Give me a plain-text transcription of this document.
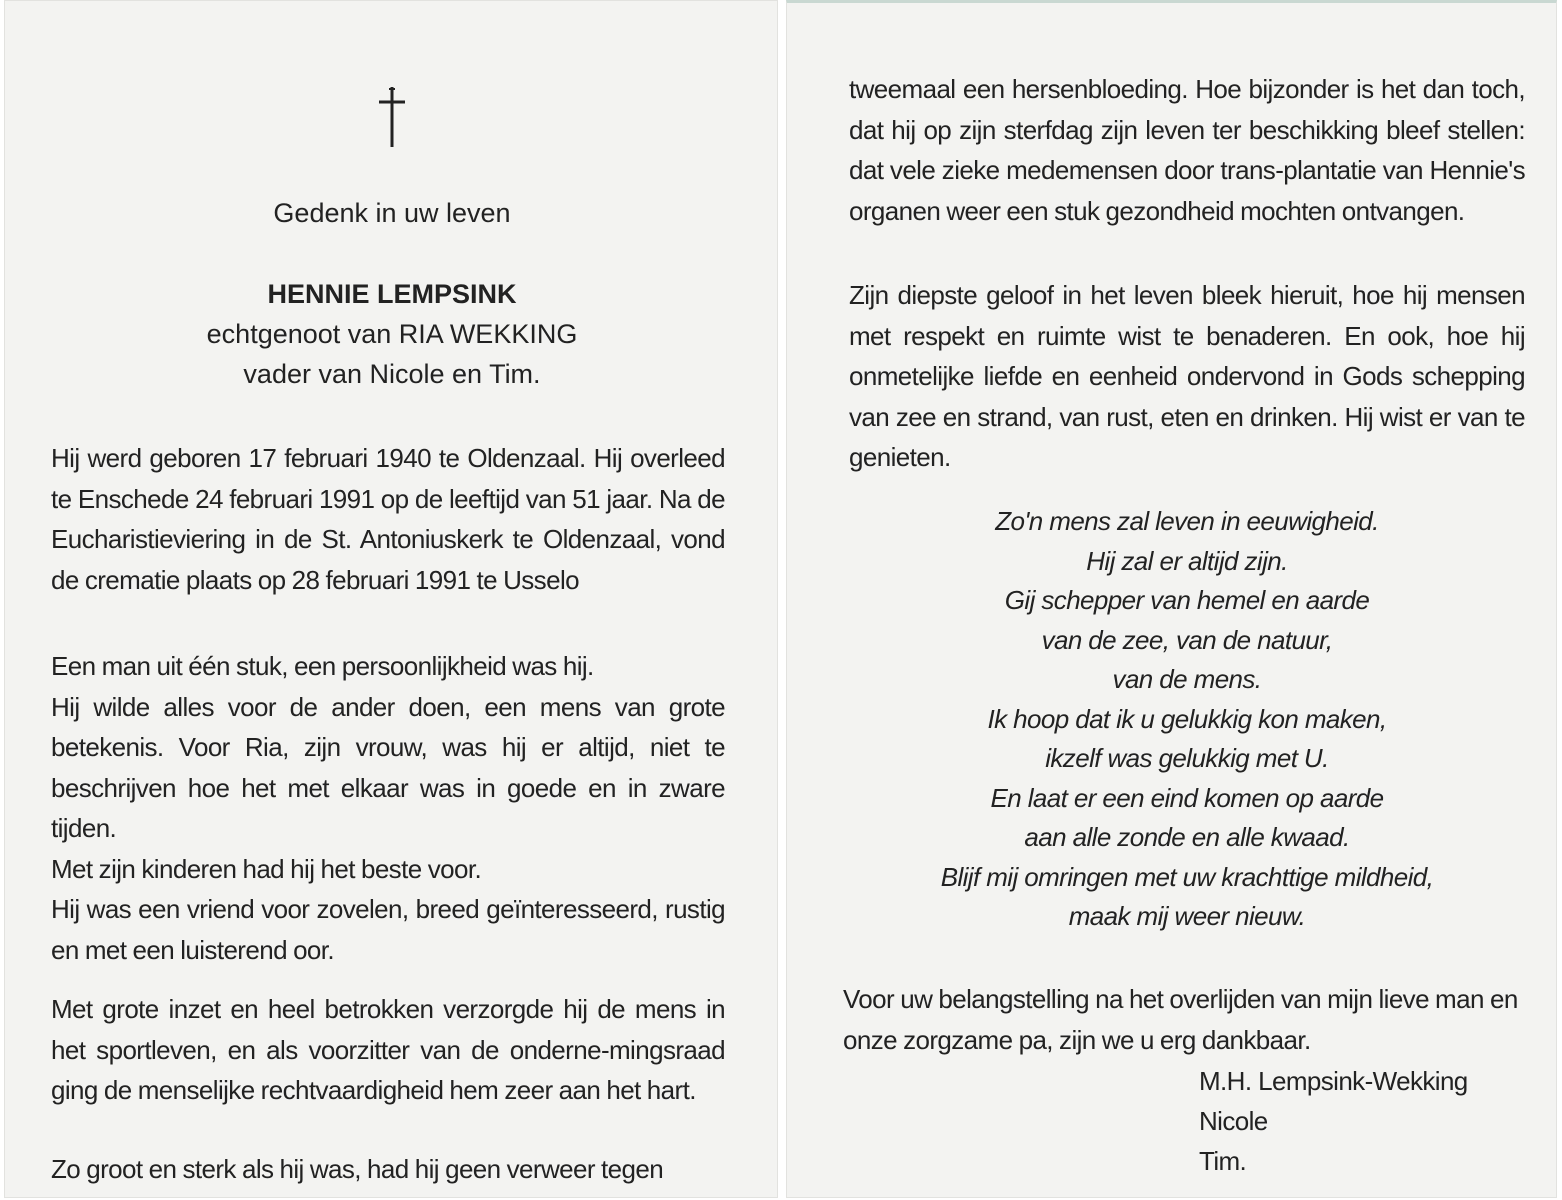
Gedenk in uw leven
HENNIE LEMPSINK
echtgenoot van RIA WEKKING
vader van Nicole en Tim.
Hij werd geboren 17 februari 1940 te Oldenzaal. Hij overleed te Enschede 24 februari 1991 op de leeftijd van 51 jaar. Na de Eucharistieviering in de St. Antoniuskerk te Oldenzaal, vond de crematie plaats op 28 februari 1991 te Usselo
Een man uit één stuk, een persoonlijkheid was hij.
Hij wilde alles voor de ander doen, een mens van grote betekenis. Voor Ria, zijn vrouw, was hij er altijd, niet te beschrijven hoe het met elkaar was in goede en in zware tijden.
Met zijn kinderen had hij het beste voor.
Hij was een vriend voor zovelen, breed geïnteresseerd, rustig en met een luisterend oor.
Met grote inzet en heel betrokken verzorgde hij de mens in het sportleven, en als voorzitter van de onderne-mingsraad ging de menselijke rechtvaardigheid hem zeer aan het hart.
Zo groot en sterk als hij was, had hij geen verweer tegen
tweemaal een hersenbloeding. Hoe bijzonder is het dan toch, dat hij op zijn sterfdag zijn leven ter beschikking bleef stellen: dat vele zieke medemensen door trans-plantatie van Hennie's organen weer een stuk gezondheid mochten ontvangen.
Zijn diepste geloof in het leven bleek hieruit, hoe hij mensen met respekt en ruimte wist te benaderen. En ook, hoe hij onmetelijke liefde en eenheid ondervond in Gods schepping van zee en strand, van rust, eten en drinken. Hij wist er van te genieten.
Zo'n mens zal leven in eeuwigheid.
Hij zal er altijd zijn.
Gij schepper van hemel en aarde
van de zee, van de natuur,
van de mens.
Ik hoop dat ik u gelukkig kon maken,
ikzelf was gelukkig met U.
En laat er een eind komen op aarde
aan alle zonde en alle kwaad.
Blijf mij omringen met uw krachttige mildheid,
maak mij weer nieuw.
Voor uw belangstelling na het overlijden van mijn lieve man en onze zorgzame pa, zijn we u erg dankbaar.
M.H. Lempsink-Wekking
Nicole
Tim.
